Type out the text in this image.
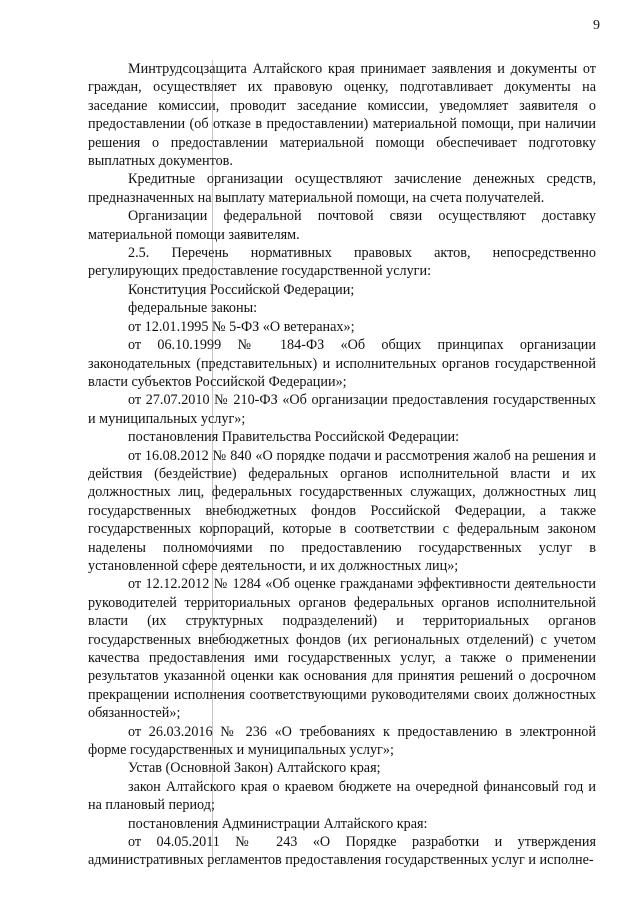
9

Минтрудсоцзащита Алтайского края принимает заявления и документы от граждан, осуществляет их правовую оценку, подготавливает документы на заседание комиссии, проводит заседание комиссии, уведомляет заявителя о предоставлении (об отказе в предоставлении) материальной помощи, при наличии решения о предоставлении материальной помощи обеспечивает подготовку выплатных документов.

Кредитные организации осуществляют зачисление денежных средств, предназначенных на выплату материальной помощи, на счета получателей.

Организации федеральной почтовой связи осуществляют доставку материальной помощи заявителям.

2.5. Перечень нормативных правовых актов, непосредственно регулирующих предоставление государственной услуги:

Конституция Российской Федерации;

федеральные законы:

от 12.01.1995 № 5-ФЗ «О ветеранах»;

от 06.10.1999 № 184-ФЗ «Об общих принципах организации законодательных (представительных) и исполнительных органов государственной власти субъектов Российской Федерации»;

от 27.07.2010 № 210-ФЗ «Об организации предоставления государственных и муниципальных услуг»;

постановления Правительства Российской Федерации:

от 16.08.2012 № 840 «О порядке подачи и рассмотрения жалоб на решения и действия (бездействие) федеральных органов исполнительной власти и их должностных лиц, федеральных государственных служащих, должностных лиц государственных внебюджетных фондов Российской Федерации, а также государственных корпораций, которые в соответствии с федеральным законом наделены полномочиями по предоставлению государственных услуг в установленной сфере деятельности, и их должностных лиц»;

от 12.12.2012 № 1284 «Об оценке гражданами эффективности деятельности руководителей территориальных органов федеральных органов исполнительной власти (их структурных подразделений) и территориальных органов государственных внебюджетных фондов (их региональных отделений) с учетом качества предоставления ими государственных услуг, а также о применении результатов указанной оценки как основания для принятия решений о досрочном прекращении исполнения соответствующими руководителями своих должностных обязанностей»;

от 26.03.2016 № 236 «О требованиях к предоставлению в электронной форме государственных и муниципальных услуг»;

Устав (Основной Закон) Алтайского края;

закон Алтайского края о краевом бюджете на очередной финансовый год и на плановый период;

постановления Администрации Алтайского края:

от 04.05.2011 № 243 «О Порядке разработки и утверждения административных регламентов предоставления государственных услуг и исполне-
